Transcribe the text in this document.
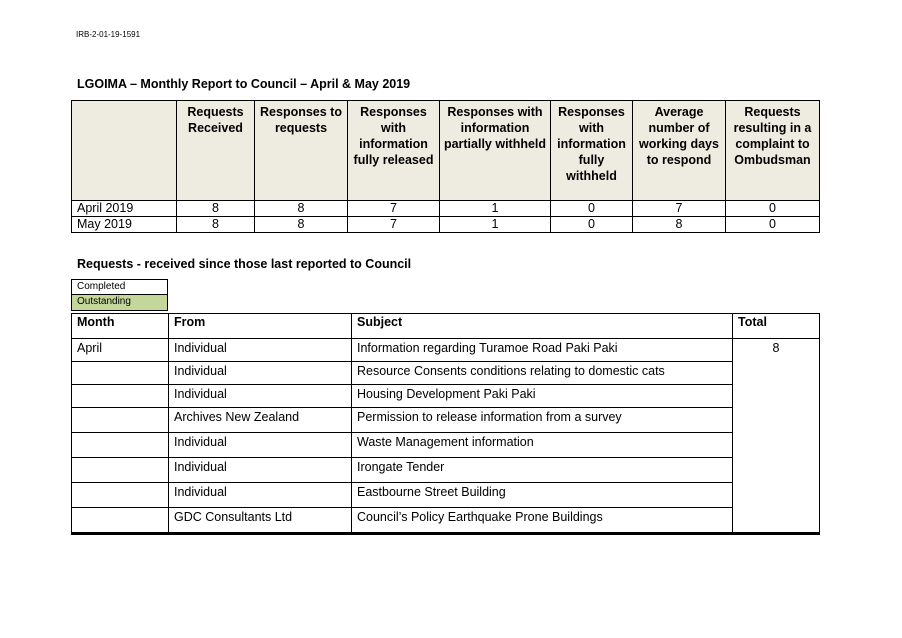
IRB-2-01-19-1591
LGOIMA – Monthly Report to Council – April & May 2019
	Requests Received	Responses to requests	Responses with information fully released	Responses with information partially withheld	Responses with information fully withheld	Average number of working days to respond	Requests resulting in a complaint to Ombudsman
April 2019	8	8	7	1	0	7	0
May 2019	8	8	7	1	0	8	0
Requests - received since those last reported to Council
Completed
Outstanding
Month	From	Subject	Total
April	Individual	Information regarding Turamoe Road Paki Paki	8
	Individual	Resource Consents conditions relating to domestic cats	
	Individual	Housing Development Paki Paki	
	Archives New Zealand	Permission to release information from a survey	
	Individual	Waste Management information	
	Individual	Irongate Tender	
	Individual	Eastbourne Street Building	
	GDC Consultants Ltd	Council’s Policy Earthquake Prone Buildings	
